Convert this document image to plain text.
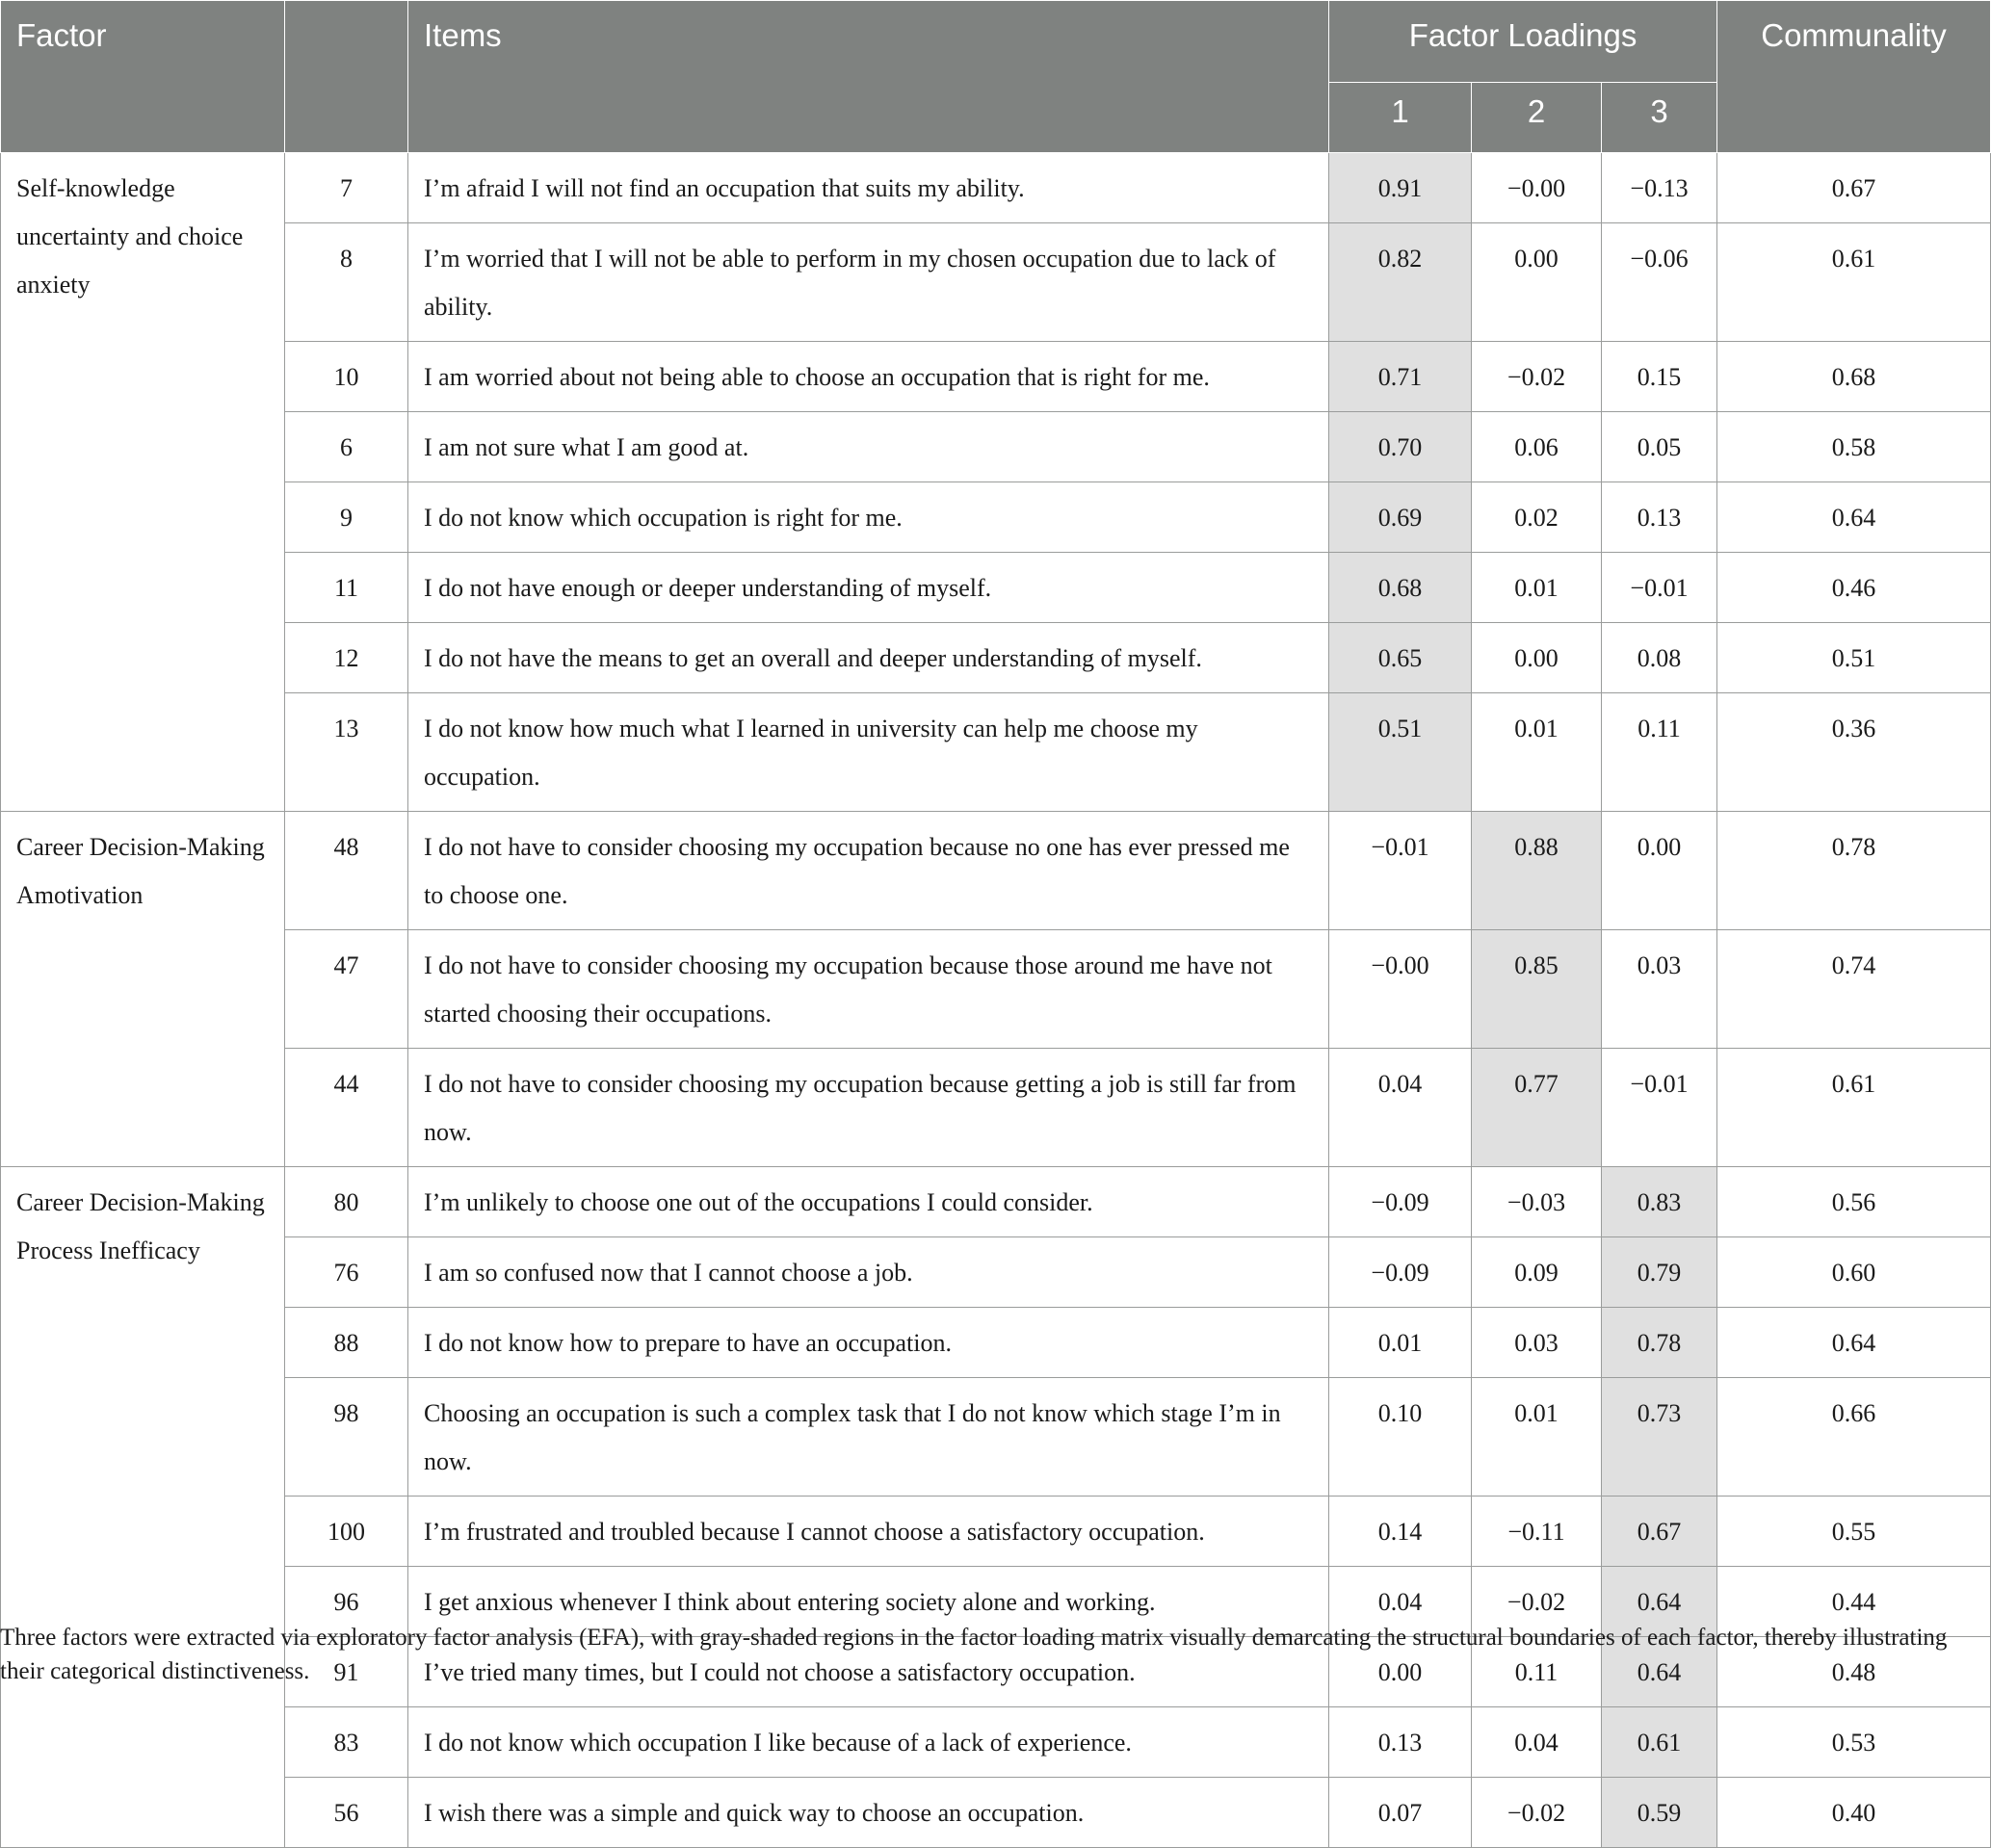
Factor		Items	Factor Loadings			Communality
			1	2	3	
Self-knowledge uncertainty and choice anxiety	7	I’m afraid I will not find an occupation that suits my ability.	0.91	−0.00	−0.13	0.67
	8	I’m worried that I will not be able to perform in my chosen occupation due to lack of ability.	0.82	0.00	−0.06	0.61
	10	I am worried about not being able to choose an occupation that is right for me.	0.71	−0.02	0.15	0.68
	6	I am not sure what I am good at.	0.70	0.06	0.05	0.58
	9	I do not know which occupation is right for me.	0.69	0.02	0.13	0.64
	11	I do not have enough or deeper understanding of myself.	0.68	0.01	−0.01	0.46
	12	I do not have the means to get an overall and deeper understanding of myself.	0.65	0.00	0.08	0.51
	13	I do not know how much what I learned in university can help me choose my occupation.	0.51	0.01	0.11	0.36
Career Decision-Making Amotivation	48	I do not have to consider choosing my occupation because no one has ever pressed me to choose one.	−0.01	0.88	0.00	0.78
	47	I do not have to consider choosing my occupation because those around me have not started choosing their occupations.	−0.00	0.85	0.03	0.74
	44	I do not have to consider choosing my occupation because getting a job is still far from now.	0.04	0.77	−0.01	0.61
Career Decision-Making Process Inefficacy	80	I’m unlikely to choose one out of the occupations I could consider.	−0.09	−0.03	0.83	0.56
	76	I am so confused now that I cannot choose a job.	−0.09	0.09	0.79	0.60
	88	I do not know how to prepare to have an occupation.	0.01	0.03	0.78	0.64
	98	Choosing an occupation is such a complex task that I do not know which stage I’m in now.	0.10	0.01	0.73	0.66
	100	I’m frustrated and troubled because I cannot choose a satisfactory occupation.	0.14	−0.11	0.67	0.55
	96	I get anxious whenever I think about entering society alone and working.	0.04	−0.02	0.64	0.44
	91	I’ve tried many times, but I could not choose a satisfactory occupation.	0.00	0.11	0.64	0.48
	83	I do not know which occupation I like because of a lack of experience.	0.13	0.04	0.61	0.53
	56	I wish there was a simple and quick way to choose an occupation.	0.07	−0.02	0.59	0.40
Three factors were extracted via exploratory factor analysis (EFA), with gray-shaded regions in the factor loading matrix visually demarcating the structural boundaries of each factor, thereby illustrating their categorical distinctiveness.
